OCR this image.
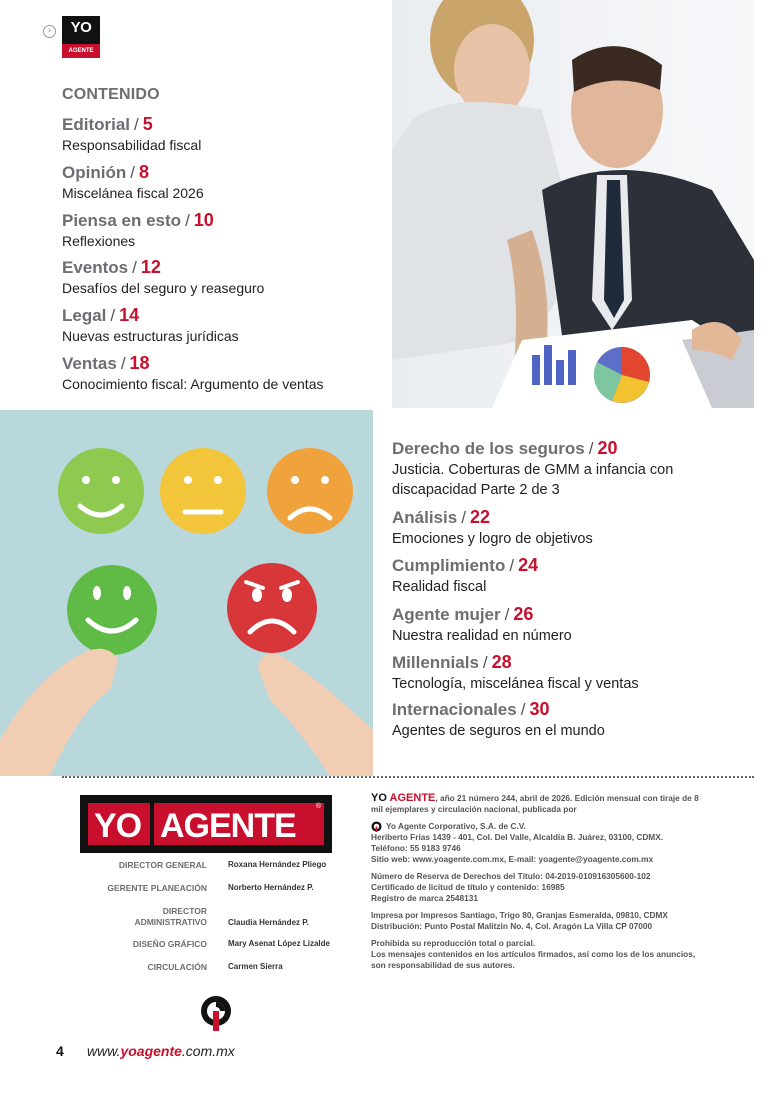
›	YO
AGENTE
CONTENIDO
Editorial / 5
Responsabilidad fiscal
Opinión / 8
Miscelánea fiscal 2026
Piensa en esto / 10
Reflexiones
Eventos / 12
Desafíos del seguro y reaseguro
Legal / 14
Nuevas estructuras jurídicas
Ventas / 18
Conocimiento fiscal: Argumento de ventas
Derecho de los seguros / 20
Justicia. Coberturas de GMM a infancia con discapacidad Parte 2 de 3
Análisis / 22
Emociones y logro de objetivos
Cumplimiento / 24
Realidad fiscal
Agente mujer / 26
Nuestra realidad en número
Millennials / 28
Tecnología, miscelánea fiscal y ventas
Internacionales / 30
Agentes de seguros en el mundo
YO AGENTE
®
DIRECTOR GENERAL	Roxana Hernández Pliego
GERENTE PLANEACIÓN	Norberto Hernández P.
DIRECTOR ADMINISTRATIVO	Claudia Hernández P.
DISEÑO GRÁFICO	Mary Asenat López Lizalde
CIRCULACIÓN	Carmen Sierra

YO AGENTE, año 21 número 244, abril de 2026. Edición mensual con tiraje de 8 mil ejemplares y circulación nacional, publicada por

Yo Agente Corporativo, S.A. de C.V.
Heriberto Frías 1439 - 401, Col. Del Valle, Alcaldía B. Juárez, 03100, CDMX.
Teléfono: 55 9183 9746
Sitio web: www.yoagente.com.mx, E-mail: yoagente@yoagente.com.mx

Número de Reserva de Derechos del Título: 04-2019-010916305600-102
Certificado de licitud de título y contenido: 16985
Registro de marca 2548131

Impresa por Impresos Santiago, Trigo 80, Granjas Esmeralda, 09810, CDMX
Distribución: Punto Postal Malitzin No. 4, Col. Aragón La Villa CP 07000

Prohibida su reproducción total o parcial.
Los mensajes contenidos en los artículos firmados, así como los de los anuncios, son responsabilidad de sus autores.

4 www.yoagente.com.mx
